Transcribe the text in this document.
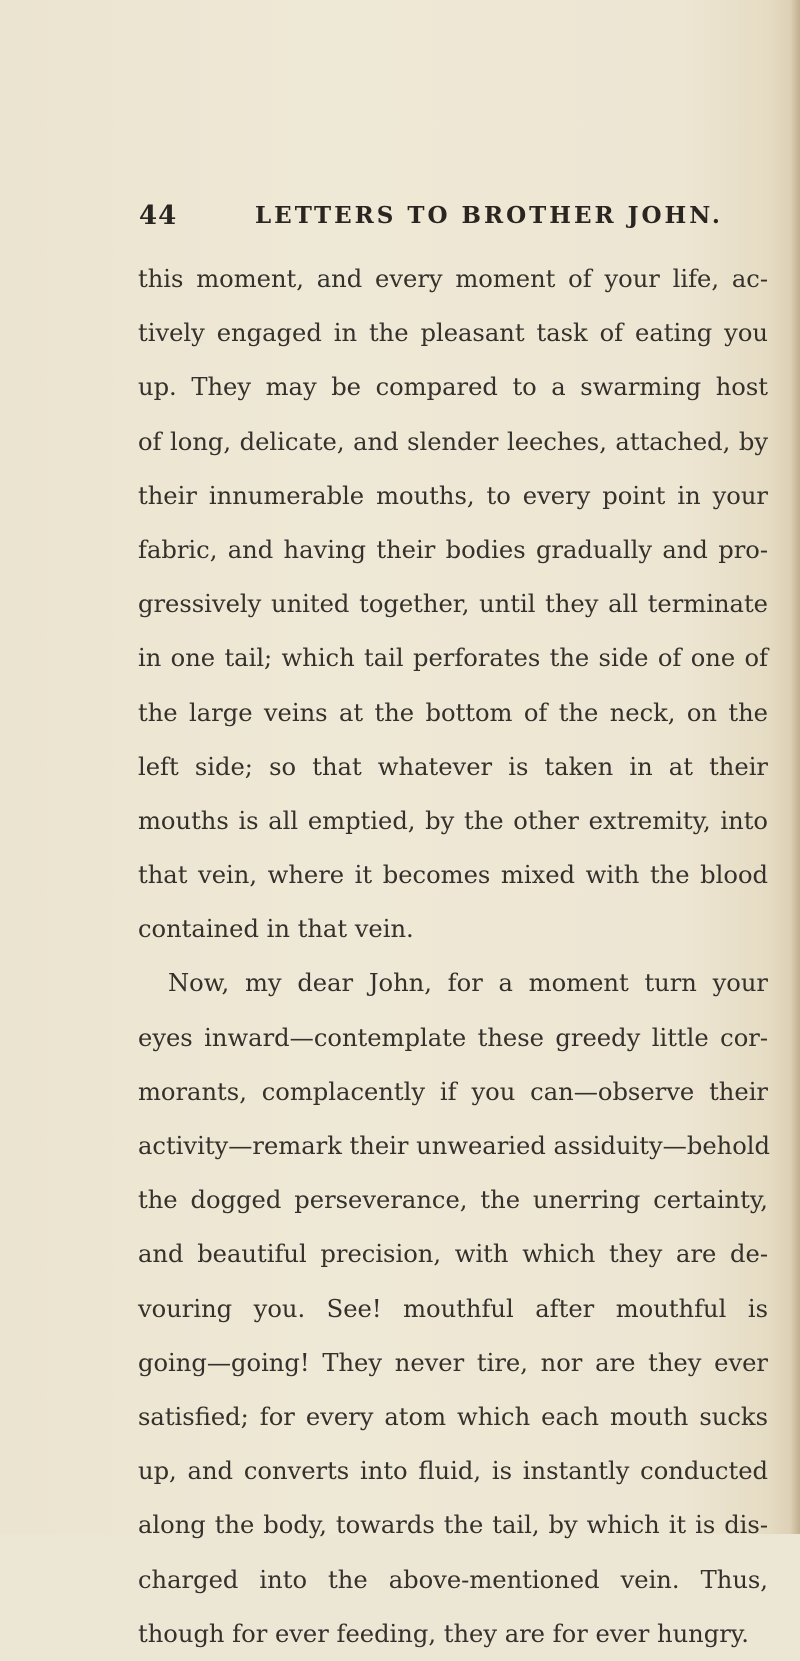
44	LETTERS TO BROTHER JOHN.
this moment, and every moment of your life, ac-
tively engaged in the pleasant task of eating you
up. They may be compared to a swarming host
of long, delicate, and slender leeches, attached, by
their innumerable mouths, to every point in your
fabric, and having their bodies gradually and pro-
gressively united together, until they all terminate
in one tail; which tail perforates the side of one of
the large veins at the bottom of the neck, on the
left side; so that whatever is taken in at their
mouths is all emptied, by the other extremity, into
that vein, where it becomes mixed with the blood
contained in that vein.
Now, my dear John, for a moment turn your
eyes inward—contemplate these greedy little cor-
morants, complacently if you can—observe their
activity—remark their unwearied assiduity—behold
the dogged perseverance, the unerring certainty,
and beautiful precision, with which they are de-
vouring you. See! mouthful after mouthful is
going—going! They never tire, nor are they ever
satisfied; for every atom which each mouth sucks
up, and converts into fluid, is instantly conducted
along the body, towards the tail, by which it is dis-
charged into the above-mentioned vein. Thus,
though for ever feeding, they are for ever hungry.
